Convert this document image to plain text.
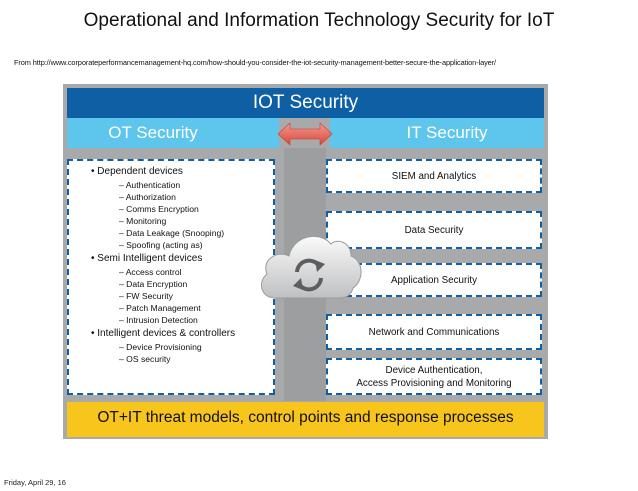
Operational and Information Technology Security for IoT
From http://www.corporateperformancemanagement-hq.com/how-should-you-consider-the-iot-security-management-better-secure-the-application-layer/
IOT Security
OT Security	IT Security
• Dependent devices
– Authentication
– Authorization
– Comms Encryption
– Monitoring
– Data Leakage (Snooping)
– Spoofing (acting as)
• Semi Intelligent devices
– Access control
– Data Encryption
– FW Security
– Patch Management
– Intrusion Detection
• Intelligent devices & controllers
– Device Provisioning
– OS security
SIEM and Analytics
Data Security
Application Security
Network and Communications
Device Authentication,
Access Provisioning and Monitoring
OT+IT threat models, control points and response processes
Friday, April 29, 16
